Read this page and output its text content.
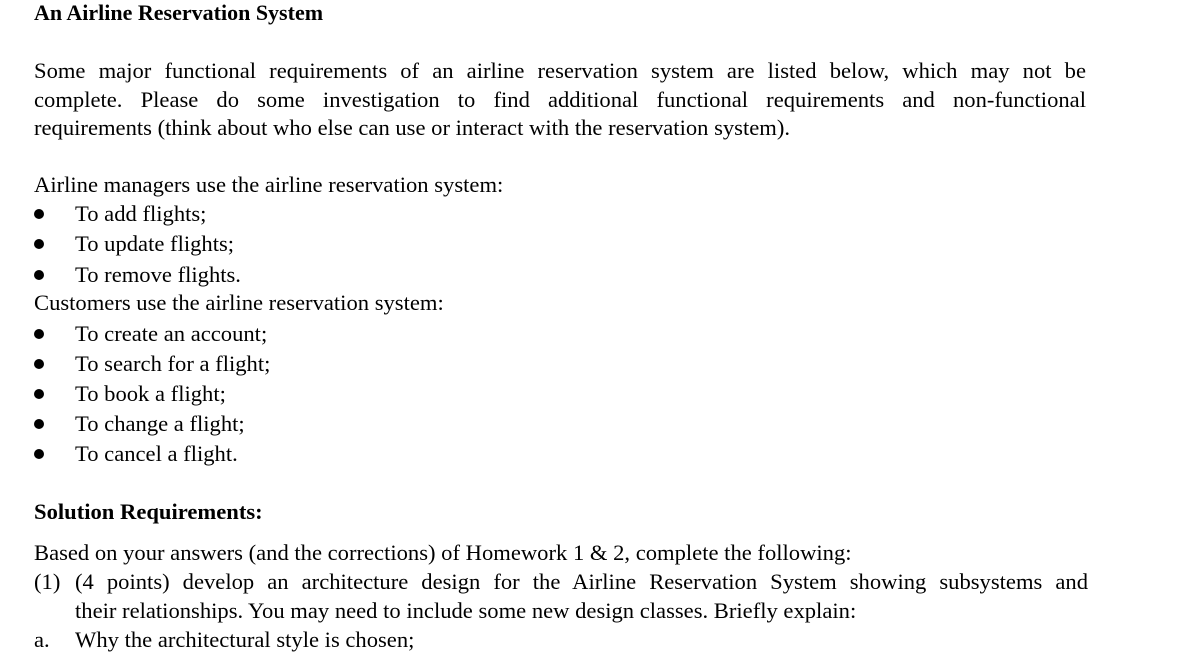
An Airline Reservation System
Some major functional requirements of an airline reservation system are listed below, which may not be
complete. Please do some investigation to find additional functional requirements and non-functional
requirements (think about who else can use or interact with the reservation system).
Airline managers use the airline reservation system:
To add flights;
To update flights;
To remove flights.
Customers use the airline reservation system:
To create an account;
To search for a flight;
To book a flight;
To change a flight;
To cancel a flight.
Solution Requirements:
Based on your answers (and the corrections) of Homework 1 & 2, complete the following:
(1) (4 points) develop an architecture design for the Airline Reservation System showing subsystems and
their relationships. You may need to include some new design classes. Briefly explain:
a. Why the architectural style is chosen;
